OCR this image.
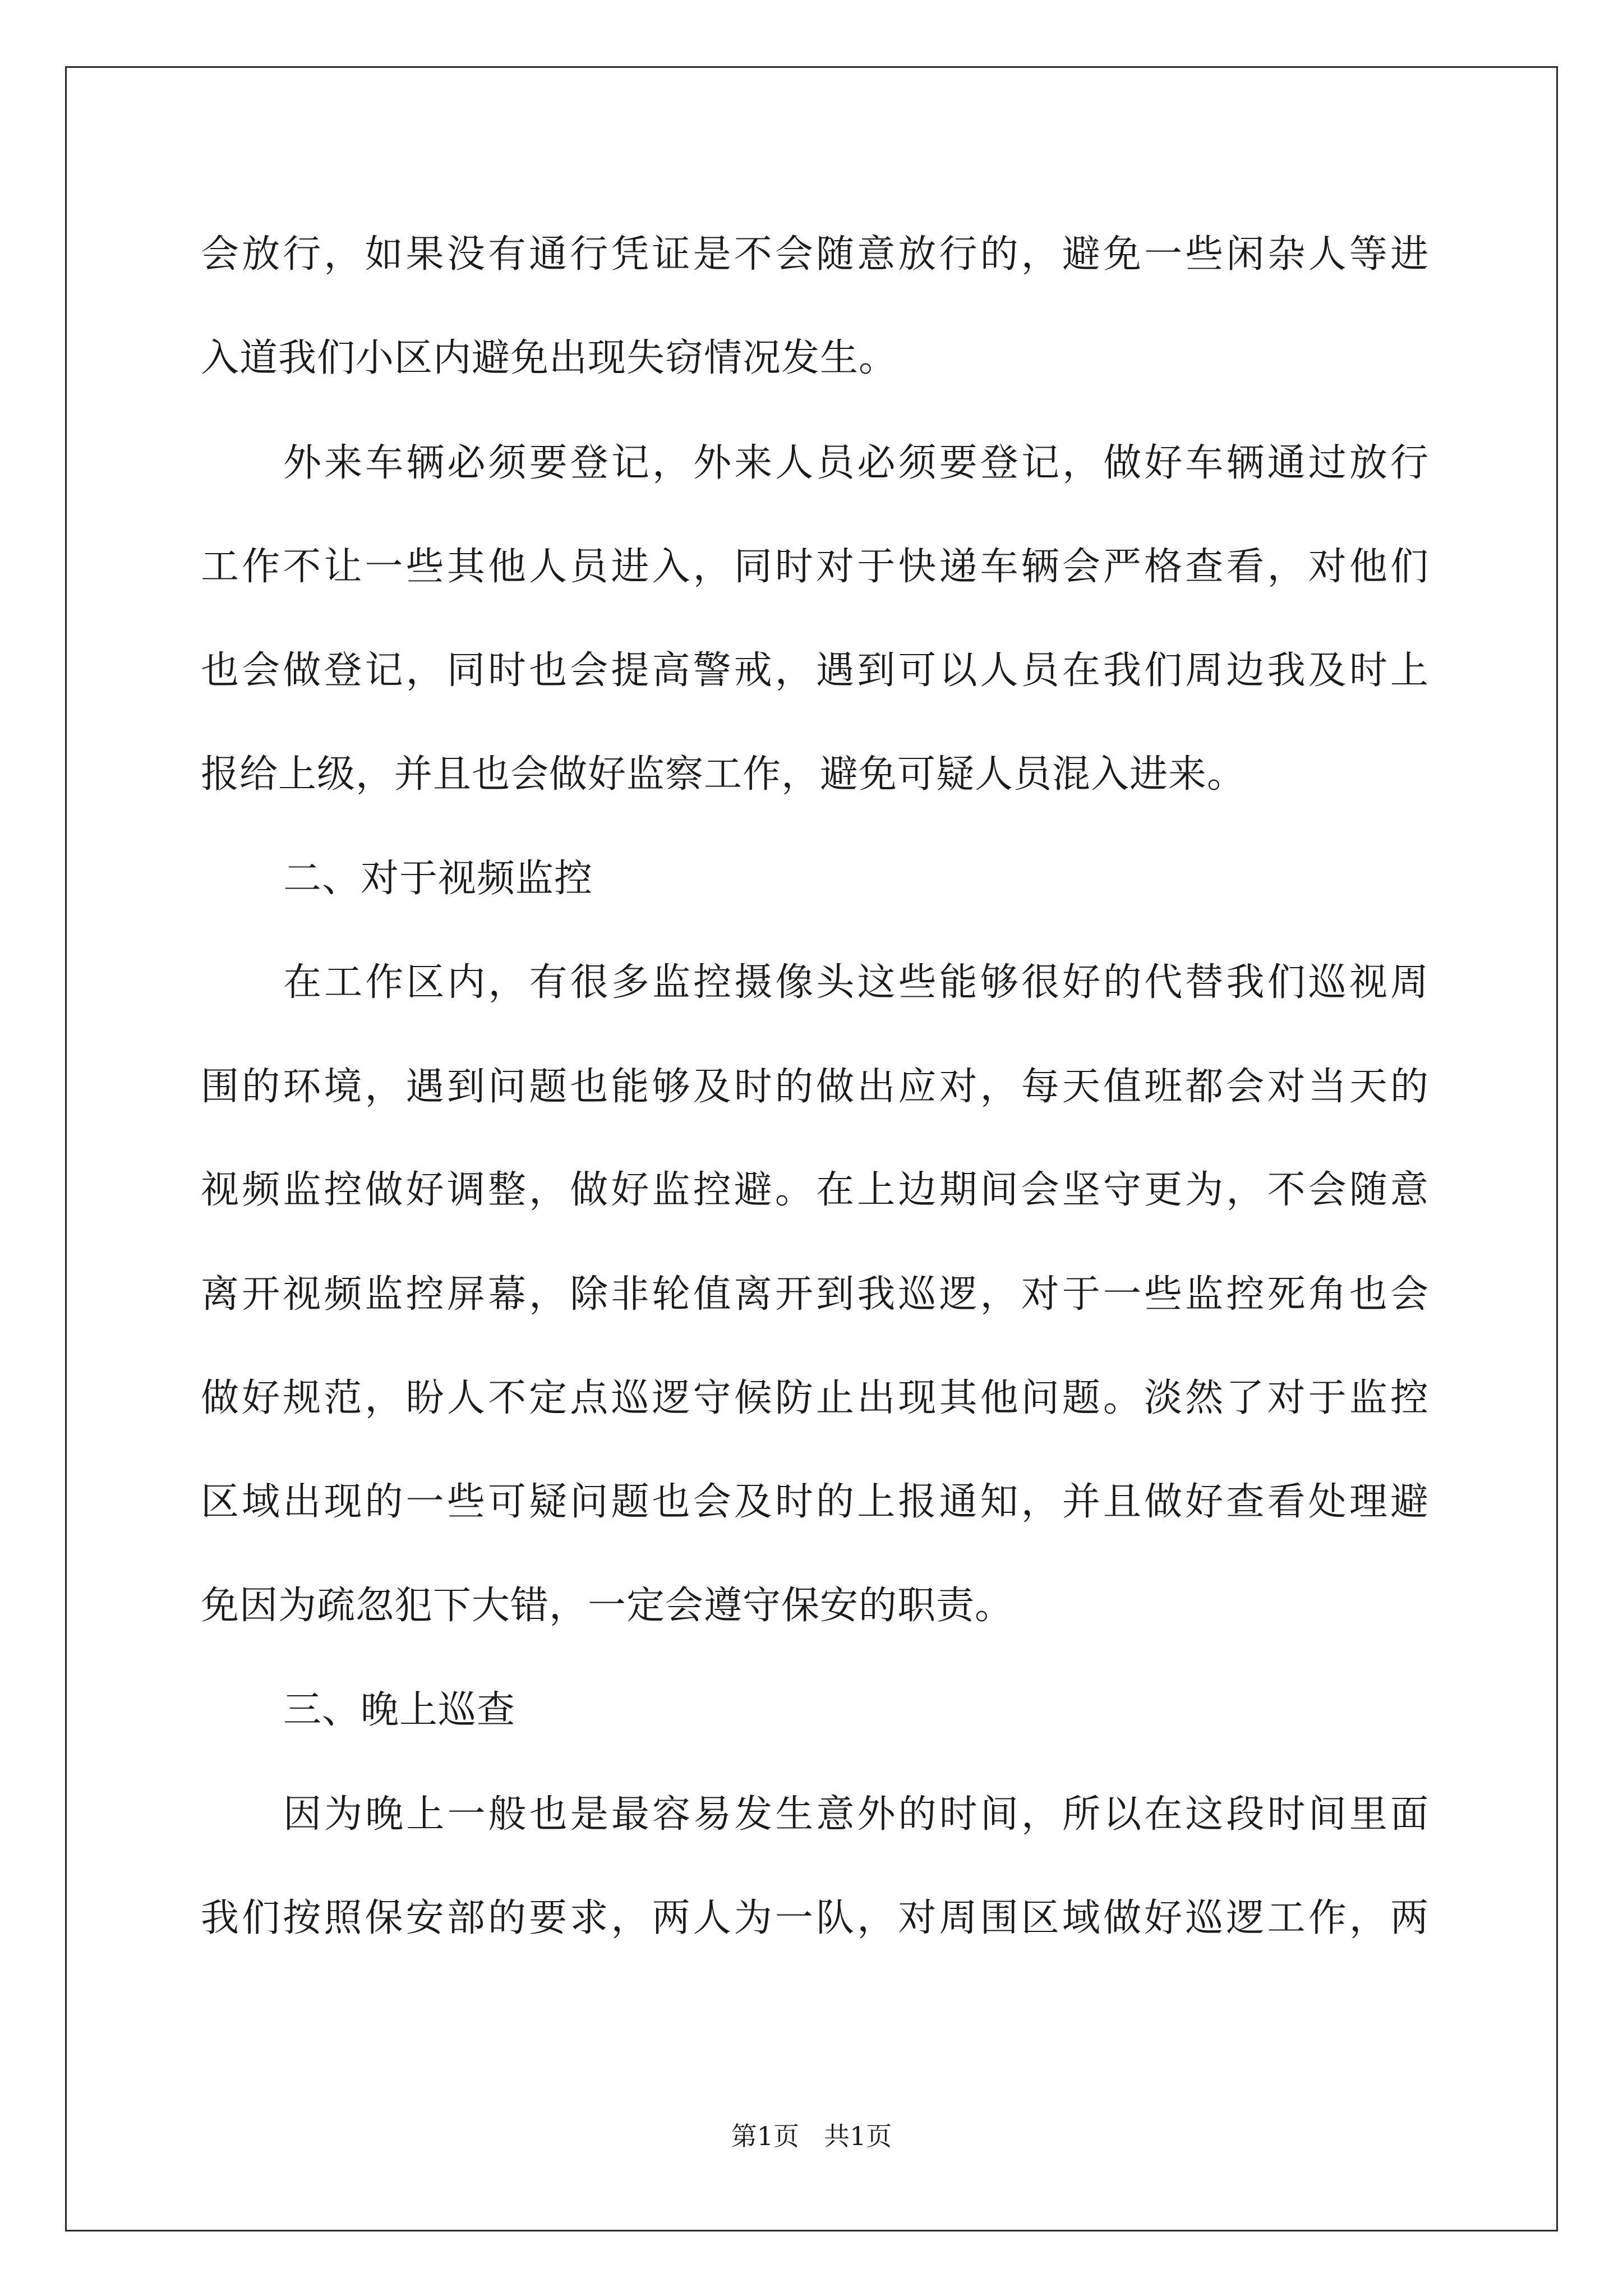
会放行，如果没有通行凭证是不会随意放行的，避免一些闲杂人等进
入道我们小区内避免出现失窃情况发生。
外来车辆必须要登记，外来人员必须要登记，做好车辆通过放行
工作不让一些其他人员进入，同时对于快递车辆会严格查看，对他们
也会做登记，同时也会提高警戒，遇到可以人员在我们周边我及时上
报给上级，并且也会做好监察工作，避免可疑人员混入进来。
二、对于视频监控
在工作区内，有很多监控摄像头这些能够很好的代替我们巡视周
围的环境，遇到问题也能够及时的做出应对，每天值班都会对当天的
视频监控做好调整，做好监控避。在上边期间会坚守更为，不会随意
离开视频监控屏幕，除非轮值离开到我巡逻，对于一些监控死角也会
做好规范，盼人不定点巡逻守候防止出现其他问题。淡然了对于监控
区域出现的一些可疑问题也会及时的上报通知，并且做好查看处理避
免因为疏忽犯下大错，一定会遵守保安的职责。
三、晚上巡查
因为晚上一般也是最容易发生意外的时间，所以在这段时间里面
我们按照保安部的要求，两人为一队，对周围区域做好巡逻工作，两
第1页 共1页
